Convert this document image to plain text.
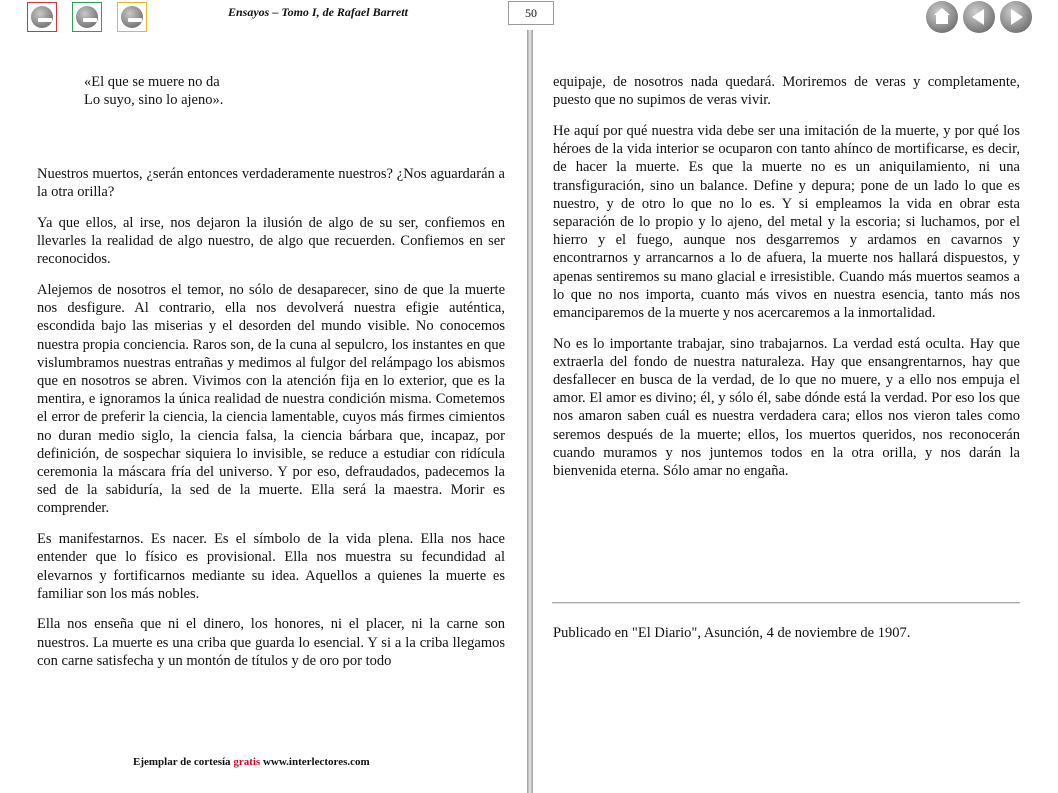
Ensayos – Tomo I, de Rafael Barrett	50
«El que se muere no da
Lo suyo, sino lo ajeno».

Nuestros muertos, ¿serán entonces verdaderamente nuestros? ¿Nos aguardarán a la otra orilla?

Ya que ellos, al irse, nos dejaron la ilusión de algo de su ser, confiemos en llevarles la realidad de algo nuestro, de algo que recuerden. Confiemos en ser reconocidos.

Alejemos de nosotros el temor, no sólo de desaparecer, sino de que la muerte nos desfigure. Al contrario, ella nos devolverá nuestra efigie auténtica, escondida bajo las miserias y el desorden del mundo visible. No conocemos nuestra propia conciencia. Raros son, de la cuna al sepulcro, los instantes en que vislumbramos nuestras entrañas y medimos al fulgor del relámpago los abismos que en nosotros se abren. Vivimos con la atención fija en lo exterior, que es la mentira, e ignoramos la única realidad de nuestra condición misma. Cometemos el error de preferir la ciencia, la ciencia lamentable, cuyos más firmes cimientos no duran medio siglo, la ciencia falsa, la ciencia bárbara que, incapaz, por definición, de sospechar siquiera lo invisible, se reduce a estudiar con ridícula ceremonia la máscara fría del universo. Y por eso, defraudados, padecemos la sed de la sabiduría, la sed de la muerte. Ella será la maestra. Morir es comprender.

Es manifestarnos. Es nacer. Es el símbolo de la vida plena. Ella nos hace entender que lo físico es provisional. Ella nos muestra su fecundidad al elevarnos y fortificarnos mediante su idea. Aquellos a quienes la muerte es familiar son los más nobles.

Ella nos enseña que ni el dinero, los honores, ni el placer, ni la carne son nuestros. La muerte es una criba que guarda lo esencial. Y si a la criba llegamos con carne satisfecha y un montón de títulos y de oro por todo

equipaje, de nosotros nada quedará. Moriremos de veras y completamente, puesto que no supimos de veras vivir.

He aquí por qué nuestra vida debe ser una imitación de la muerte, y por qué los héroes de la vida interior se ocuparon con tanto ahínco de mortificarse, es decir, de hacer la muerte. Es que la muerte no es un aniquilamiento, ni una transfiguración, sino un balance. Define y depura; pone de un lado lo que es nuestro, y de otro lo que no lo es. Y si empleamos la vida en obrar esta separación de lo propio y lo ajeno, del metal y la escoria; si luchamos, por el hierro y el fuego, aunque nos desgarremos y ardamos en cavarnos y encontrarnos y arrancarnos a lo de afuera, la muerte nos hallará dispuestos, y apenas sentiremos su mano glacial e irresistible. Cuando más muertos seamos a lo que no nos importa, cuanto más vivos en nuestra esencia, tanto más nos emanciparemos de la muerte y nos acercaremos a la inmortalidad.

No es lo importante trabajar, sino trabajarnos. La verdad está oculta. Hay que extraerla del fondo de nuestra naturaleza. Hay que ensangrentarnos, hay que desfallecer en busca de la verdad, de lo que no muere, y a ello nos empuja el amor. El amor es divino; él, y sólo él, sabe dónde está la verdad. Por eso los que nos amaron saben cuál es nuestra verdadera cara; ellos nos vieron tales como seremos después de la muerte; ellos, los muertos queridos, nos reconocerán cuando muramos y nos juntemos todos en la otra orilla, y nos darán la bienvenida eterna. Sólo amar no engaña.

Publicado en "El Diario", Asunción, 4 de noviembre de 1907.
Ejemplar de cortesía gratis www.interlectores.com
